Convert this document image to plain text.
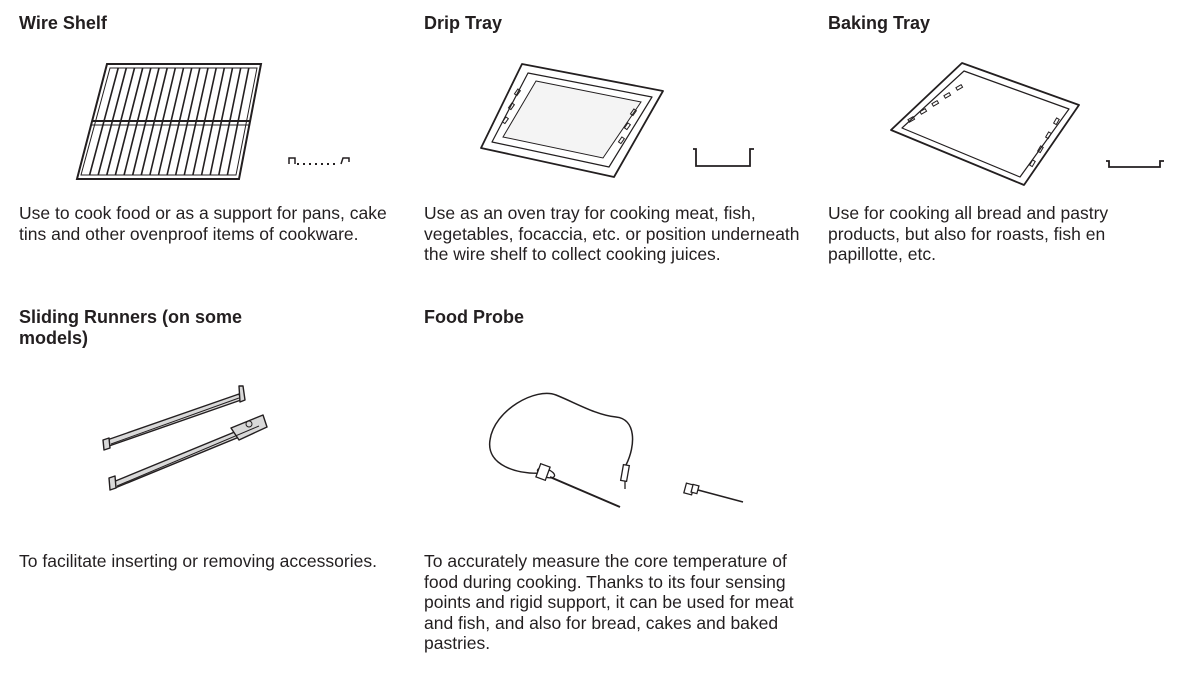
Wire Shelf

Use to cook food or as a support for pans, cake tins and other ovenproof items of cookware.

Drip Tray

Use as an oven tray for cooking meat, fish, vegetables, focaccia, etc. or position underneath the wire shelf to collect cooking juices.

Baking Tray

Use for cooking all bread and pastry products, but also for roasts, fish en papillotte, etc.

Sliding Runners (on some models)

To facilitate inserting or removing accessories.

Food Probe

To accurately measure the core temperature of food during cooking. Thanks to its four sensing points and rigid support, it can be used for meat and fish, and also for bread, cakes and baked pastries.
